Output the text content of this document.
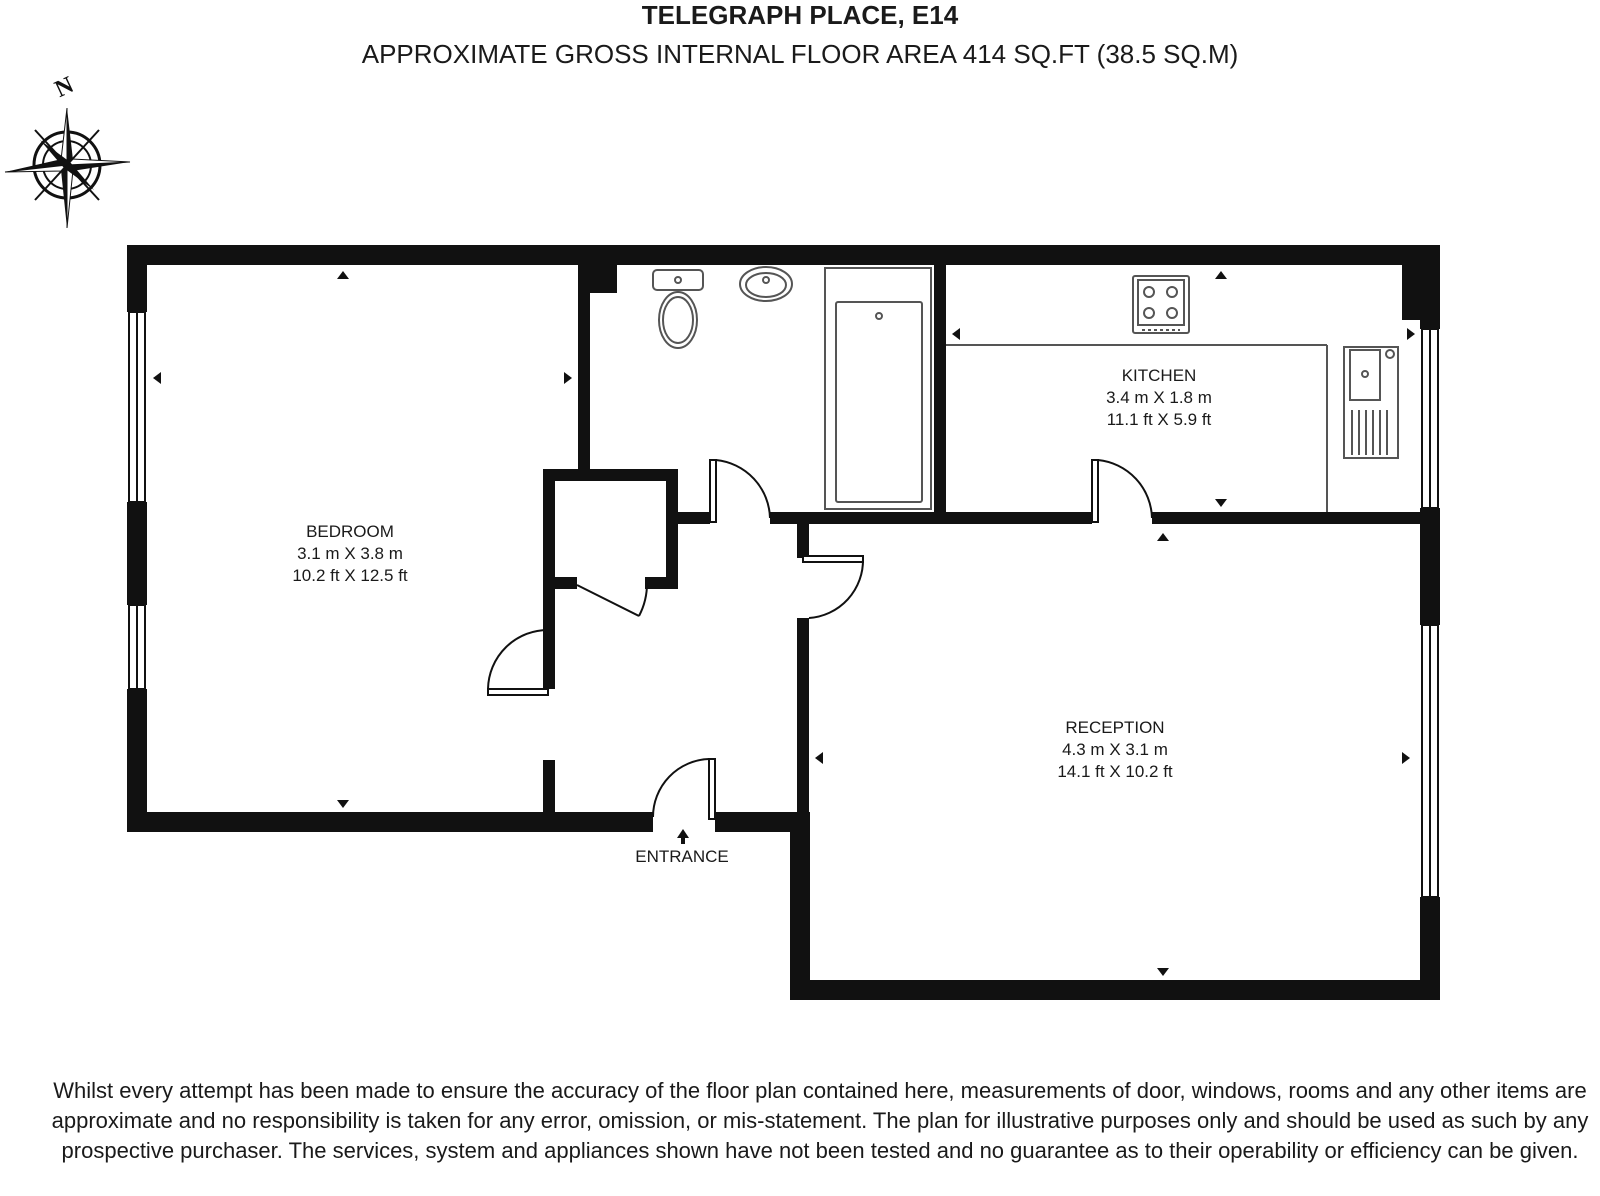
TELEGRAPH PLACE, E14
APPROXIMATE GROSS INTERNAL FLOOR AREA 414 SQ.FT (38.5 SQ.M)
N
BEDROOM
3.1 m X 3.8 m
10.2 ft X 12.5 ft
KITCHEN
3.4 m X 1.8 m
11.1 ft X 5.9 ft
RECEPTION
4.3 m X 3.1 m
14.1 ft X 10.2 ft
ENTRANCE
Whilst every attempt has been made to ensure the accuracy of the floor plan contained here, measurements of door, windows, rooms and any other items are approximate and no responsibility is taken for any error, omission, or mis-statement. The plan for illustrative purposes only and should be used as such by any prospective purchaser. The services, system and appliances shown have not been tested and no guarantee as to their operability or efficiency can be given.
